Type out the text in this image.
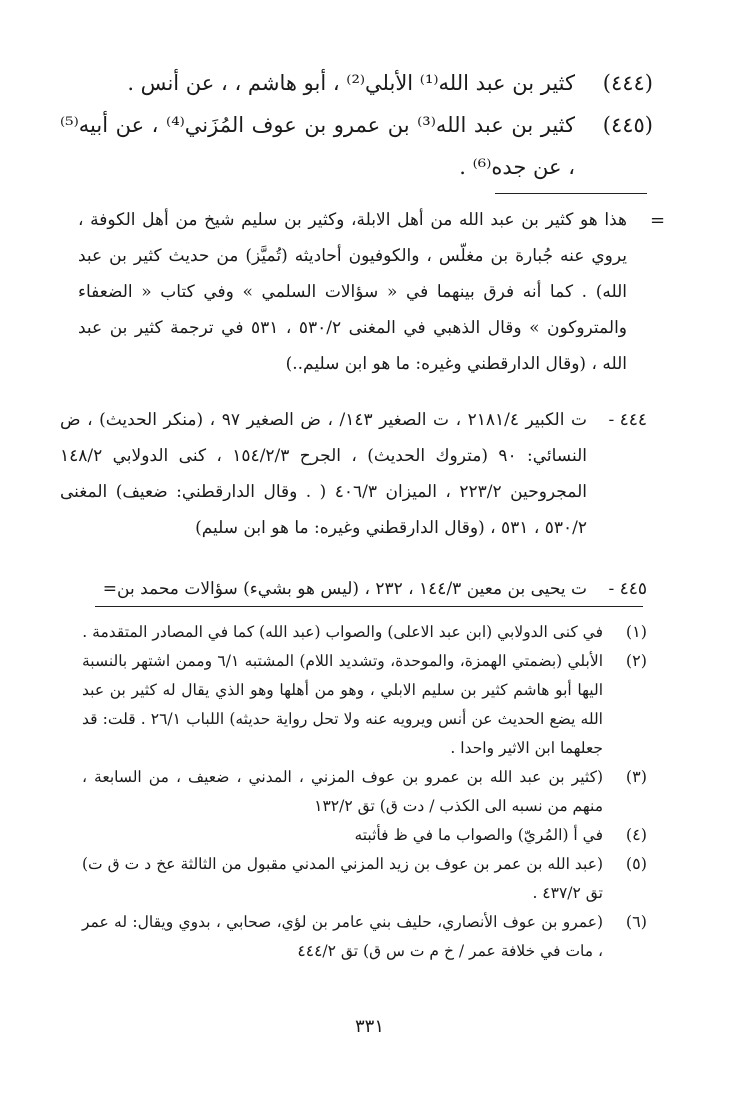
(٤٤٤)
كثير بن عبد الله⁽¹⁾ الأبلي⁽²⁾ ، أبو هاشم ، ، عن أنس .
(٤٤٥)
كثير بن عبد الله⁽³⁾ بن عمرو بن عوف المُزَني⁽⁴⁾ ، عن أبيه⁽⁵⁾ ، عن جده⁽⁶⁾ .
=
هذا هو كثير بن عبد الله من أهل الابلة، وكثير بن سليم شيخ من أهل الكوفة ، يروي عنه جُبارة بن مغلّس ، والكوفيون أحاديثه (تُميَّز) من حديث كثير بن عبد الله) . كما أنه فرق بينهما في « سؤالات السلمي » وفي كتاب « الضعفاء والمتروكون » وقال الذهبي في المغنى ٥٣٠/٢ ، ٥٣١ في ترجمة كثير بن عبد الله ، (وقال الدارقطني وغيره: ما هو ابن سليم..)
٤٤٤ -
ت الكبير ٢١٨١/٤ ، ت الصغير ١٤٣/ ، ض الصغير ٩٧ ، (منكر الحديث) ، ض النسائي: ٩٠ (متروك الحديث) ، الجرح ١٥٤/٢/٣ ، كنى الدولابي ١٤٨/٢ المجروحين ٢٢٣/٢ ، الميزان ٤٠٦/٣ ( . وقال الدارقطني: ضعيف) المغنى ٥٣٠/٢ ، ٥٣١ ، (وقال الدارقطني وغيره: ما هو ابن سليم)
٤٤٥ -
ت يحيى بن معين ١٤٤/٣ ، ٢٣٢ ، (ليس هو بشيء) سؤالات محمد بن=
(١)
في كنى الدولابي (ابن عبد الاعلى) والصواب (عبد الله) كما في المصادر المتقدمة .
(٢)
الأبلي (بضمتي الهمزة، والموحدة، وتشديد اللام) المشتبه ٦/١ وممن اشتهر بالنسبة اليها أبو هاشم كثير بن سليم الابلي ، وهو من أهلها وهو الذي يقال له كثير بن عبد الله يضع الحديث عن أنس ويرويه عنه ولا تحل رواية حديثه) اللباب ٢٦/١ . قلت: قد جعلهما ابن الاثير واحدا .
(٣)
(كثير بن عبد الله بن عمرو بن عوف المزني ، المدني ، ضعيف ، من السابعة ، منهم من نسبه الى الكذب / دت ق) تق ١٣٢/٢
(٤)
في أ (المُريّ) والصواب ما في ظ فأثبته
(٥)
(عبد الله بن عمر بن عوف بن زيد المزني المدني مقبول من الثالثة عخ د ت ق ت) تق ٤٣٧/٢ .
(٦)
(عمرو بن عوف الأنصاري، حليف بني عامر بن لؤي، صحابي ، بدوي ويقال: له عمر ، مات في خلافة عمر / خ م ت س ق) تق ٤٤٤/٢
٣٣١
